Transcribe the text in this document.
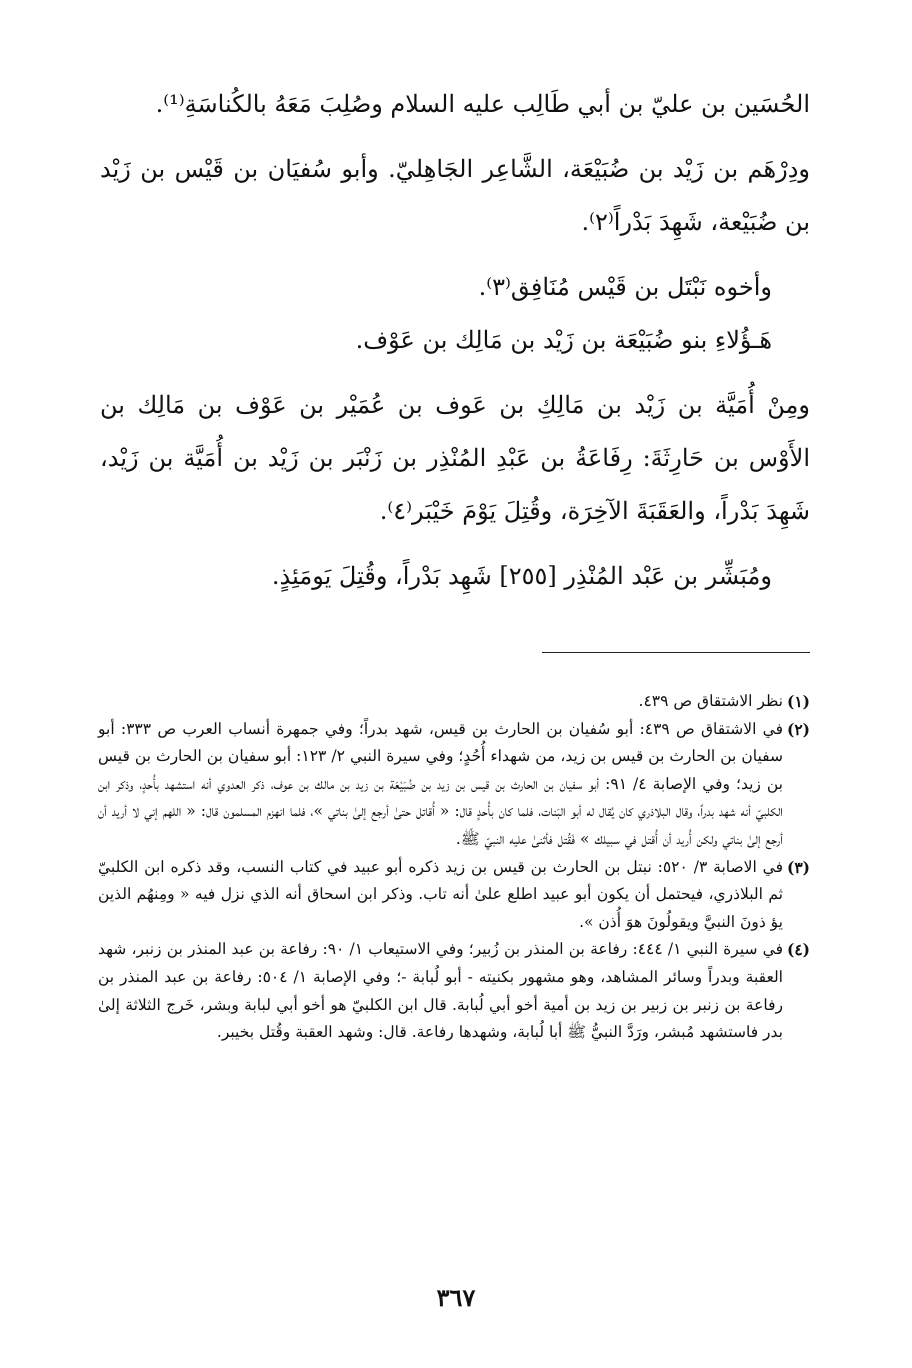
الحُسَين بن عليّ بن أبي طَالِب عليه السلام وصُلِبَ مَعَهُ بالكُناسَةِ⁽¹⁾.

ودِرْهَم بن زَيْد بن ضُبَيْعَة، الشَّاعِر الجَاهِليّ. وأبو سُفيَان بن قَيْس بن زَيْد بن ضُبَيْعة، شَهِدَ بَدْراً⁽٢⁾.

وأخوه نَبْتَل بن قَيْس مُنَافِق⁽٣⁾.

هَـؤُلاءِ بنو ضُبَيْعَة بن زَيْد بن مَالِك بن عَوْف.

ومِنْ أُمَيَّة بن زَيْد بن مَالِكِ بن عَوف بن عُمَيْر بن عَوْف بن مَالِك بن الأَوْس بن حَارِثَةَ: رِفَاعَةُ بن عَبْدِ المُنْذِر بن زَنْبَر بن زَيْد بن أُمَيَّة بن زَيْد، شَهِدَ بَدْراً، والعَقَبَةَ الآخِرَة، وقُتِلَ يَوْمَ خَيْبَر⁽٤⁾.

ومُبَشِّر بن عَبْد المُنْذِر [٢٥٥] شَهِد بَدْراً، وقُتِلَ يَومَئِذٍ.

(١)
نظر الاشتقاق ص ٤٣٩.
(٢)
في الاشتقاق ص ٤٣٩: أبو سُفيان بن الحارث بن قيس، شهد بدراً؛ وفي جمهرة أنساب العرب ص ٣٣٣: أبو سفيان بن الحارث بن قيس بن زيد، من شهداء أُحُدٍ؛ وفي سيرة النبي ٢/ ١٢٣: أبو سفيان بن الحارث بن قيس بن زيد؛ وفي الإصابة ٤/ ٩١: أبو سفيان بن الحارث بن قيس بن زيد بن ضُبَيْعَة بن زيد بن مالك بن عوف، ذكر العدوي أنه استشهد بأُحدٍ، وذكر ابن الكلبيّ أنه شهد بدراً، وقال البلاذري كان يُقال له أبو البَنات، فلما كان بأُحدٍ قال: « أُقاتل حتىٰ أرجع إلىٰ بناتي »، فلما انهزم المسلمون قال: « اللهم إني لا أريد أن أرجع إلىٰ بناتي ولكن أُريد أن أُقتل في سبيلك » فَقُتل فأثنىٰ عليه النبيّ ﷺ.
(٣)
في الاصابة ٣/ ٥٢٠: نبتل بن الحارث بن قيس بن زيد ذكره أبو عبيد في كتاب النسب، وقد ذكره ابن الكلبيّ ثم البلاذري، فيحتمل أن يكون أبو عبيد اطلع علىٰ أنه تاب. وذكر ابن اسحاق أنه الذي نزل فيه « ومِنهُم الذين يؤ ذونَ النبيَّ ويقولُونَ هوَ أُذن ».
(٤)
في سيرة النبي ١/ ٤٤٤: رفاعة بن المنذر بن زُبير؛ وفي الاستيعاب ١/ ٩٠: رفاعة بن عبد المنذر بن زنبر، شهد العقبة وبدراً وسائر المشاهد، وهو مشهور بكنيته - أبو لُبابة -؛ وفي الإصابة ١/ ٥٠٤: رفاعة بن عبد المنذر بن رفاعة بن زنبر بن زبير بن زيد بن أمية أخو أبي لُبابة. قال ابن الكلبيّ هو أخو أبي لبابة وبشر، خَرج الثلاثة إلىٰ بدر فاستشهد مُبشر، ورَدَّ النبيُّ ﷺ أبا لُبابة، وشهدها رفاعة. قال: وشهد العقبة وقُتل بخيبر.
٣٦٧
